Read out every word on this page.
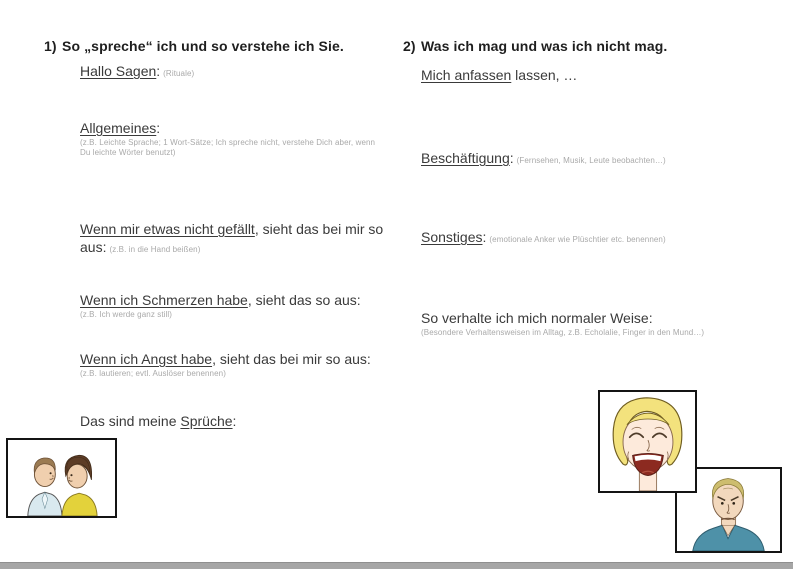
1) So „spreche“ ich und so verstehe ich Sie.
Hallo Sagen: (Rituale)
Allgemeines:
(z.B. Leichte Sprache; 1 Wort-Sätze; Ich spreche nicht, verstehe Dich aber, wenn Du leichte Wörter benutzt)
Wenn mir etwas nicht gefällt, sieht das bei mir so aus: (z.B. in die Hand beißen)
Wenn ich Schmerzen habe, sieht das so aus:
(z.B. Ich werde ganz still)
Wenn ich Angst habe, sieht das bei mir so aus:
(z.B. lautieren; evtl. Auslöser benennen)
Das sind meine Sprüche:
2) Was ich mag und was ich nicht mag.
Mich anfassen lassen, …
Beschäftigung: (Fernsehen, Musik, Leute beobachten…)
Sonstiges: (emotionale Anker wie Plüschtier etc. benennen)
So verhalte ich mich normaler Weise:
(Besondere Verhaltensweisen im Alltag, z.B. Echolalie, Finger in den Mund…)
